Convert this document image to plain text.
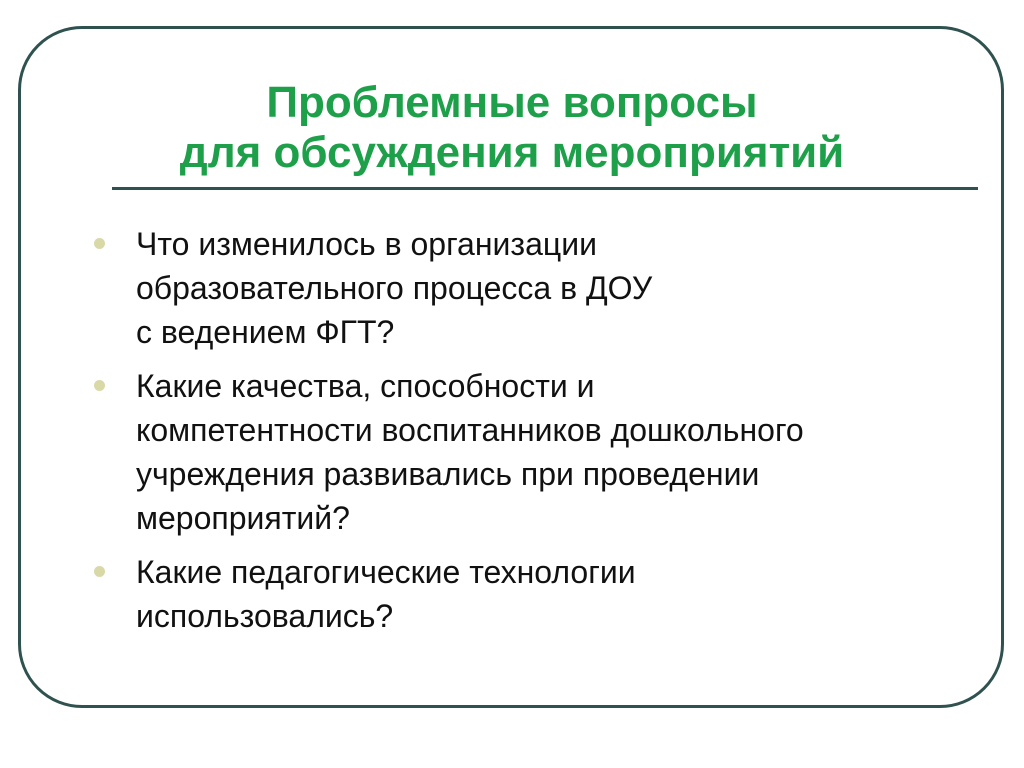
Проблемные вопросы
для обсуждения мероприятий
Что изменилось в организации
образовательного процесса в ДОУ
с ведением ФГТ?
Какие качества, способности и
компетентности воспитанников дошкольного
учреждения развивались при проведении
мероприятий?
Какие педагогические технологии
использовались?
